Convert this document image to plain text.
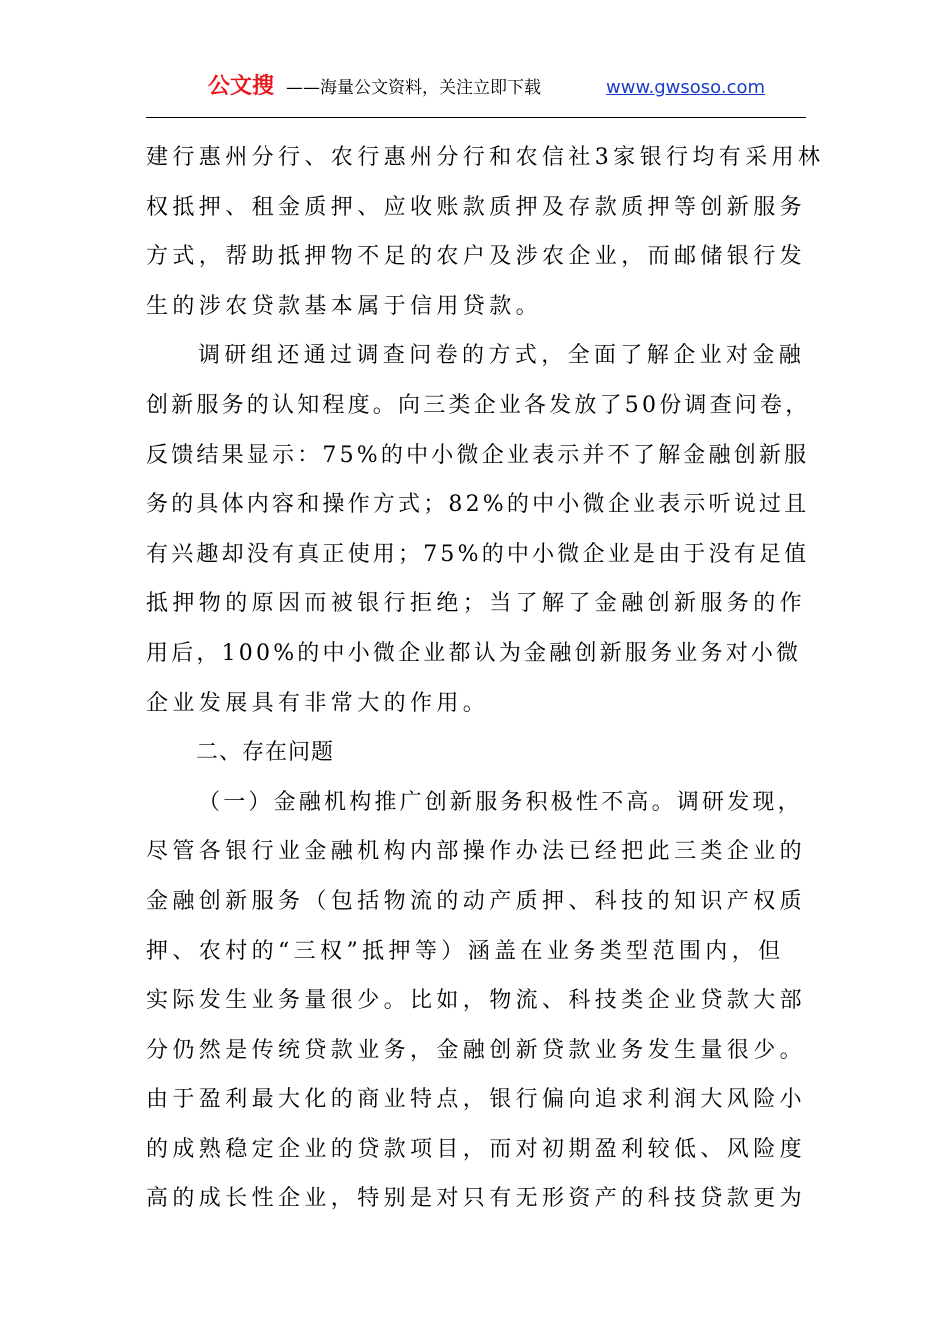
公文搜 ——海量公文资料，关注立即下载	www.gwsoso.com
建行惠州分行、农行惠州分行和农信社3家银行均有采用林
权抵押、租金质押、应收账款质押及存款质押等创新服务
方式，帮助抵押物不足的农户及涉农企业，而邮储银行发
生的涉农贷款基本属于信用贷款。
调研组还通过调查问卷的方式，全面了解企业对金融
创新服务的认知程度。向三类企业各发放了50份调查问卷，
反馈结果显示：75%的中小微企业表示并不了解金融创新服
务的具体内容和操作方式；82%的中小微企业表示听说过且
有兴趣却没有真正使用；75%的中小微企业是由于没有足值
抵押物的原因而被银行拒绝；当了解了金融创新服务的作
用后，100%的中小微企业都认为金融创新服务业务对小微
企业发展具有非常大的作用。
二、存在问题
（一）金融机构推广创新服务积极性不高。调研发现，
尽管各银行业金融机构内部操作办法已经把此三类企业的
金融创新服务（包括物流的动产质押、科技的知识产权质
押、农村的“三权”抵押等）涵盖在业务类型范围内，但
实际发生业务量很少。比如，物流、科技类企业贷款大部
分仍然是传统贷款业务，金融创新贷款业务发生量很少。
由于盈利最大化的商业特点，银行偏向追求利润大风险小
的成熟稳定企业的贷款项目，而对初期盈利较低、风险度
高的成长性企业，特别是对只有无形资产的科技贷款更为
